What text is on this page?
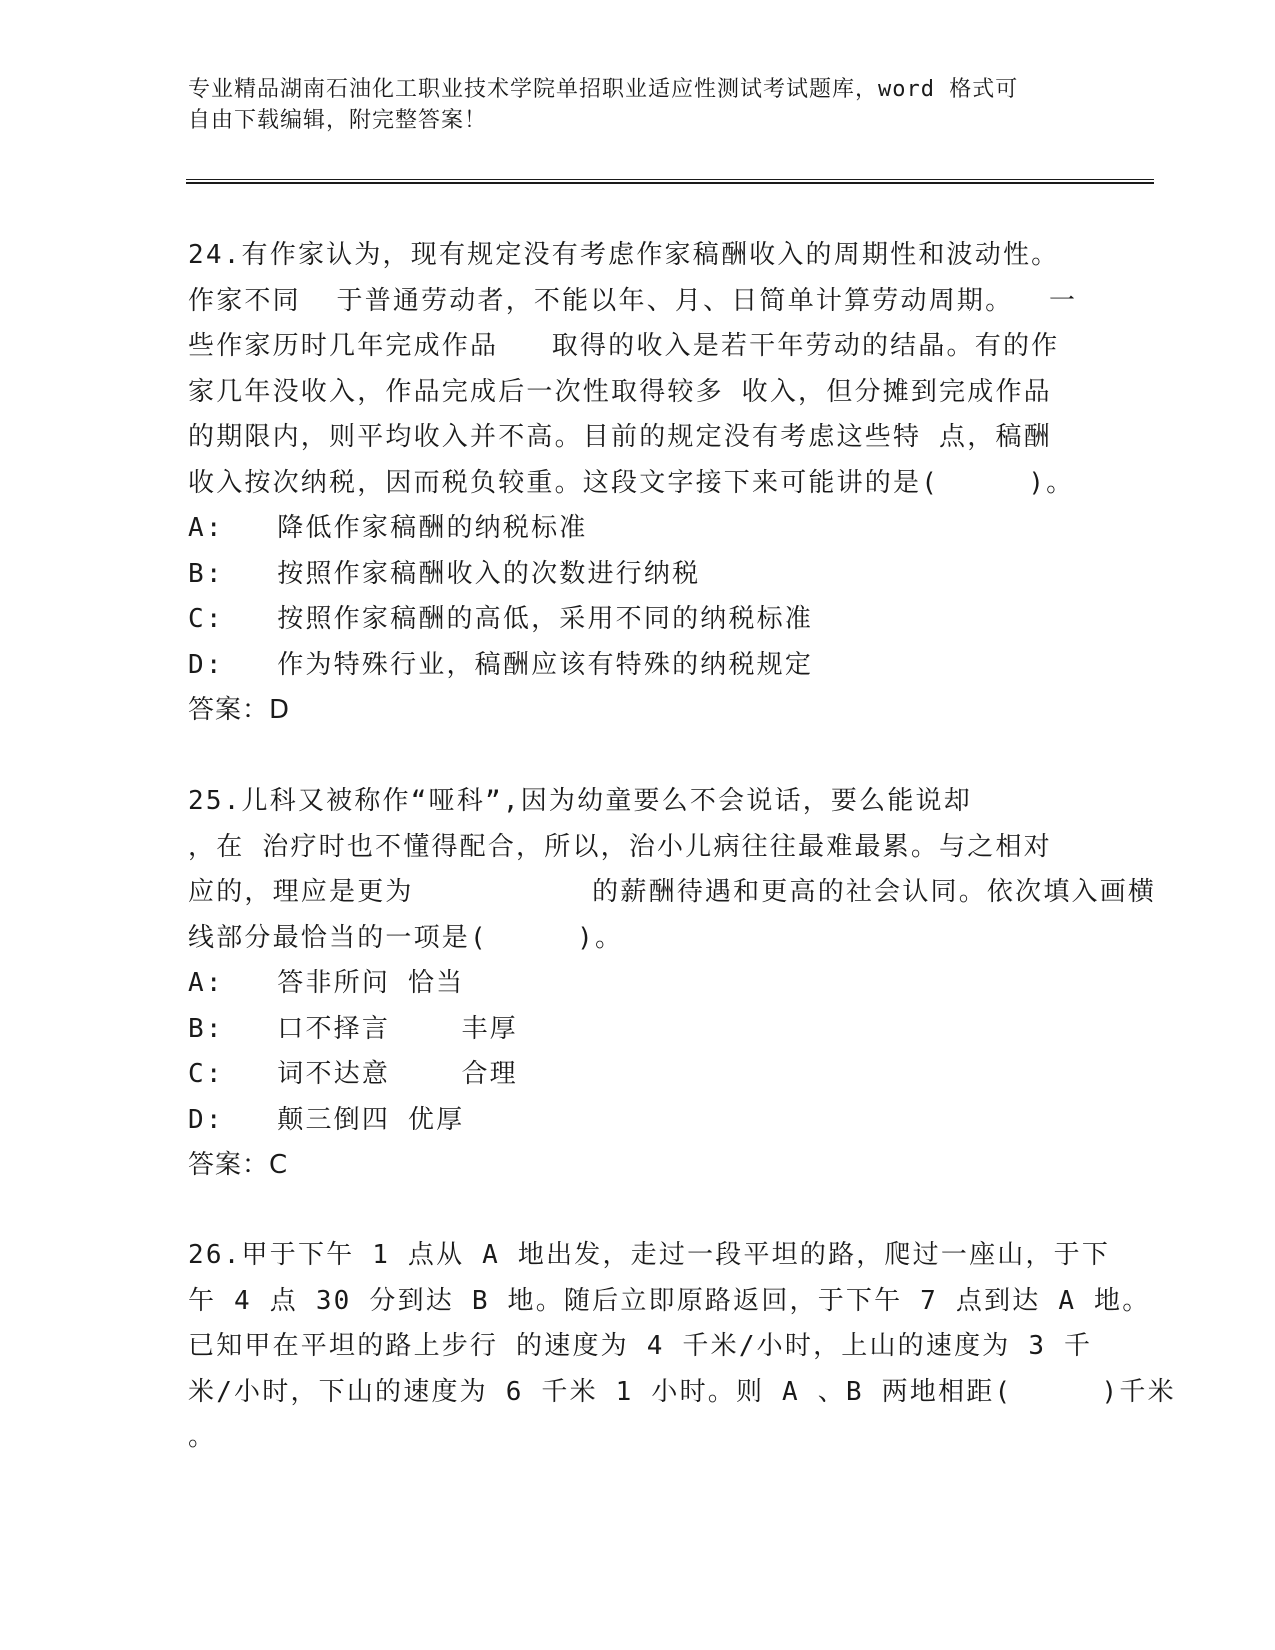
专业精品湖南石油化工职业技术学院单招职业适应性测试考试题库，word 格式可
自由下载编辑，附完整答案！
24.有作家认为，现有规定没有考虑作家稿酬收入的周期性和波动性。
作家不同  于普通劳动者，不能以年、月、日简单计算劳动周期。  一
些作家历时几年完成作品   取得的收入是若干年劳动的结晶。有的作
家几年没收入，作品完成后一次性取得较多 收入，但分摊到完成作品
的期限内，则平均收入并不高。目前的规定没有考虑这些特 点，稿酬
收入按次纳税，因而税负较重。这段文字接下来可能讲的是(     )。
A:   降低作家稿酬的纳税标准
B:   按照作家稿酬收入的次数进行纳税
C:   按照作家稿酬的高低，采用不同的纳税标准
D:   作为特殊行业，稿酬应该有特殊的纳税规定
答案：D
25.儿科又被称作“哑科”,因为幼童要么不会说话，要么能说却
，在 治疗时也不懂得配合，所以，治小儿病往往最难最累。与之相对
应的，理应是更为          的薪酬待遇和更高的社会认同。依次填入画横
线部分最恰当的一项是(     )。
A:   答非所问 恰当
B:   口不择言    丰厚
C:   词不达意    合理
D:   颠三倒四 优厚
答案：C
26.甲于下午 1 点从 A 地出发，走过一段平坦的路，爬过一座山，于下
午 4 点 30 分到达 B 地。随后立即原路返回，于下午 7 点到达 A 地。
已知甲在平坦的路上步行 的速度为 4 千米/小时，上山的速度为 3 千
米/小时，下山的速度为 6 千米 1 小时。则 A 、B 两地相距(     )千米
。
